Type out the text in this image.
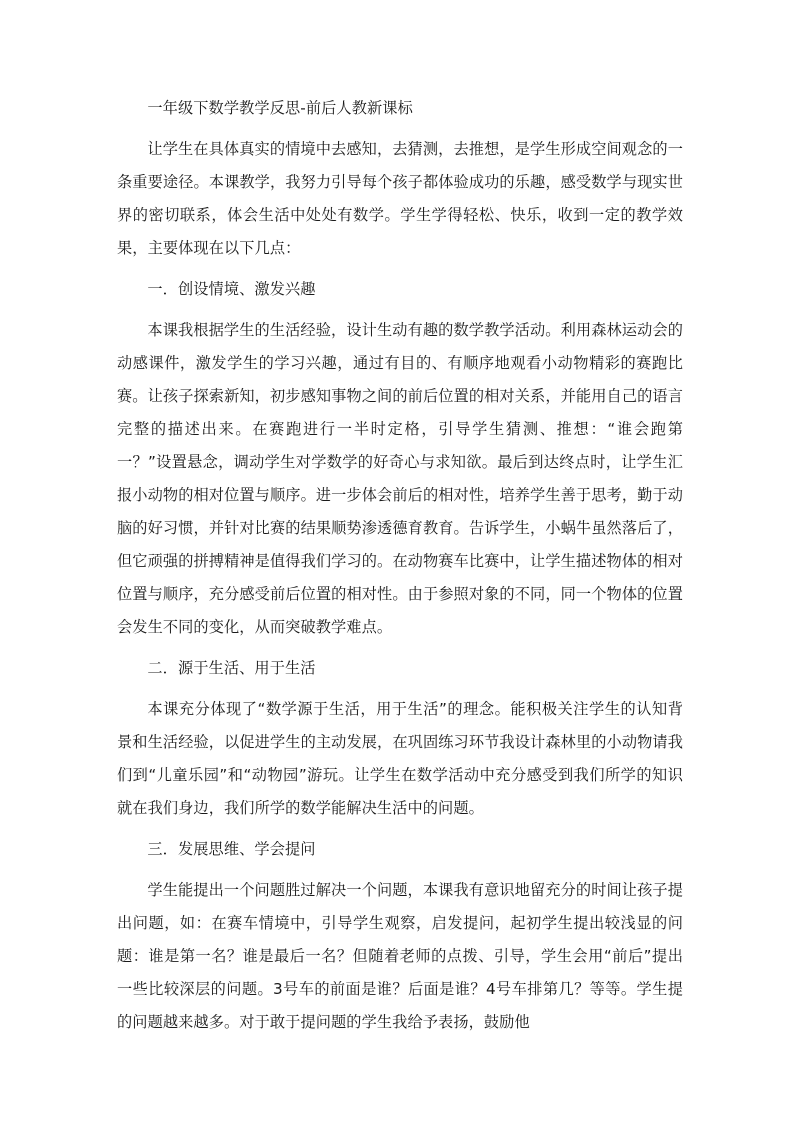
一年级下数学教学反思-前后人教新课标

让学生在具体真实的情境中去感知，去猜测，去推想，是学生形成空间观念的一条重要途径。本课教学，我努力引导每个孩子都体验成功的乐趣，感受数学与现实世界的密切联系，体会生活中处处有数学。学生学得轻松、快乐，收到一定的教学效果，主要体现在以下几点：

一．创设情境、激发兴趣

本课我根据学生的生活经验，设计生动有趣的数学教学活动。利用森林运动会的动感课件，激发学生的学习兴趣，通过有目的、有顺序地观看小动物精彩的赛跑比赛。让孩子探索新知，初步感知事物之间的前后位置的相对关系，并能用自己的语言完整的描述出来。在赛跑进行一半时定格，引导学生猜测、推想：“谁会跑第一？”设置悬念，调动学生对学数学的好奇心与求知欲。最后到达终点时，让学生汇报小动物的相对位置与顺序。进一步体会前后的相对性，培养学生善于思考，勤于动脑的好习惯，并针对比赛的结果顺势渗透德育教育。告诉学生，小蜗牛虽然落后了，但它顽强的拼搏精神是值得我们学习的。在动物赛车比赛中，让学生描述物体的相对位置与顺序，充分感受前后位置的相对性。由于参照对象的不同，同一个物体的位置会发生不同的变化，从而突破教学难点。

二．源于生活、用于生活

本课充分体现了“数学源于生活，用于生活”的理念。能积极关注学生的认知背景和生活经验，以促进学生的主动发展，在巩固练习环节我设计森林里的小动物请我们到“儿童乐园”和“动物园”游玩。让学生在数学活动中充分感受到我们所学的知识就在我们身边，我们所学的数学能解决生活中的问题。

三．发展思维、学会提问

学生能提出一个问题胜过解决一个问题，本课我有意识地留充分的时间让孩子提出问题，如：在赛车情境中，引导学生观察，启发提问，起初学生提出较浅显的问题：谁是第一名？谁是最后一名？但随着老师的点拨、引导，学生会用“前后”提出一些比较深层的问题。3号车的前面是谁？后面是谁？4号车排第几？等等。学生提的问题越来越多。对于敢于提问题的学生我给予表扬，鼓励他
